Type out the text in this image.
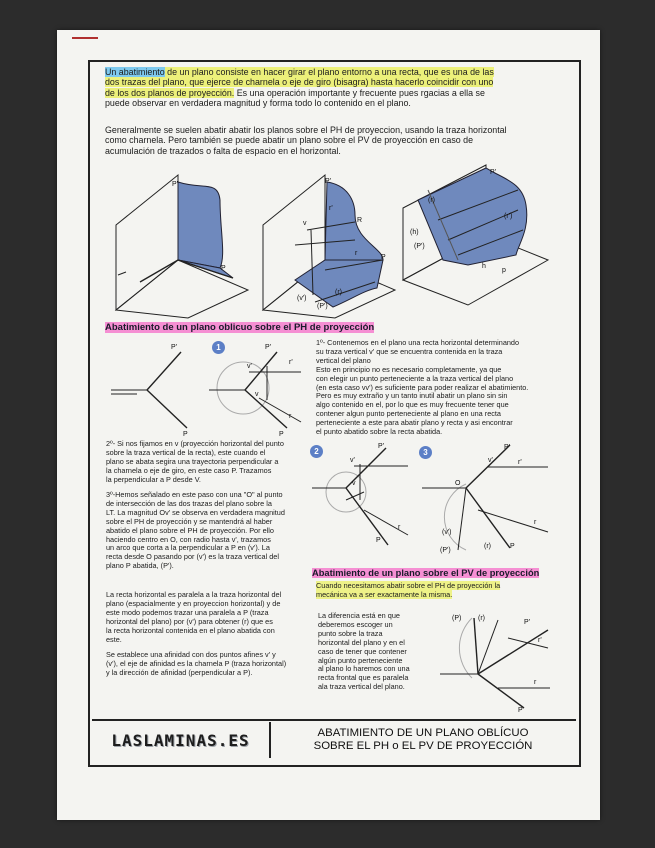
Un abatimiento de un plano consiste en hacer girar el plano entorno a una recta, que es una de las
dos trazas del plano, que ejerce de charnela o eje de giro (bisagra) hasta hacerlo coincidir con uno
de los dos planos de proyección. Es una operación importante y frecuente pues rgacias a ella se
puede observar en verdadera magnitud y forma todo lo contenido en el plano.
Generalmente se suelen abatir abatir los planos sobre el PH de proyeccion, usando la traza horizontal
como charnela. Pero también se puede abatir un plano sobre el PV de proyección en caso de
acumulación de trazados o falta de espacio en el horizontal.
P'
P
P'
r'
v	R
r
P
(v')
(r)
(P')
P'
(r)
(h)
(P')
(r')
h
p
Abatimiento de un plano oblicuo sobre el PH de proyección
P'
P
1	P'
r'
v'
v
r
P
1º- Contenemos en el plano una recta horizontal determinando
su traza vertical v' que se encuentra contenida en la traza
vertical del plano
Esto en principio no es necesario completamente, ya que
con elegir un punto perteneciente a la traza vertical del plano
(en esta caso vv') es suficiente para poder realizar el abatimiento.
Pero es muy extraño y un tanto inutil abatir un plano sin sin
algo contenido en el, por lo que es muy frecuente tener que
contener algun punto perteneciente al plano en una recta
perteneciente a este para abatir plano y recta y asi encontrar
el punto abatido sobre la recta abatida.
2º- Si nos fijamos en v (proyección horizontal del punto
sobre la traza vertical de la recta), este cuando el
plano se abata segira una trayectoria perpendicular a
la charnela o eje de giro, en este caso P. Trazamos
la perpendicular a P desde V.
3º-Hemos señalado en este paso con una "O" al punto
de intersección de las dos trazas del plano sobre la
LT. La magnitud Ov' se observa en verdadera magnitud
sobre el PH de proyección y se mantendrá al haber
abatido el plano sobre el PH de proyección. Por ello
haciendo centro en O, con radio hasta v', trazamos
un arco que corta a la perpendicular a P en (v'). La
recta desde O pasando por (v') es la traza vertical del
plano P abatida, (P').
2
P'
v'
v
r
P
3
P'
r'
v'
O
(v')
(r)	P
(P')
r
Abatimiento de un plano sobre el PV de proyección
Cuando necesitamos abatir sobre el PH de proyección la
mecánica va a ser exactamente la misma.
La recta horizontal es paralela a la traza horizontal del
plano (espacialmente y en proyeccion horizontal) y de
este modo podemos trazar una paralela a P (traza
horizontal del plano) por (v') para obtener (r) que es
la recta horizontal contenida en el plano abatida con
este.
Se establece una afinidad con dos puntos afines v' y
(v'), el eje de afinidad es la charnela P (traza horizontal)
y la dirección de afinidad (perpendicular a P).
La diferencia está en que
deberemos escoger un
punto sobre la traza
horizontal del plano y en el
caso de tener que contener
algún punto perteneciente
al plano lo haremos con una
recta frontal que es paralela
ala traza vertical del plano.
(P) (r)
P'
r'
r
P
LASLAMINAS.ES	ABATIMIENTO DE UN PLANO OBLÍCUO
SOBRE EL PH o EL PV DE PROYECCIÓN
